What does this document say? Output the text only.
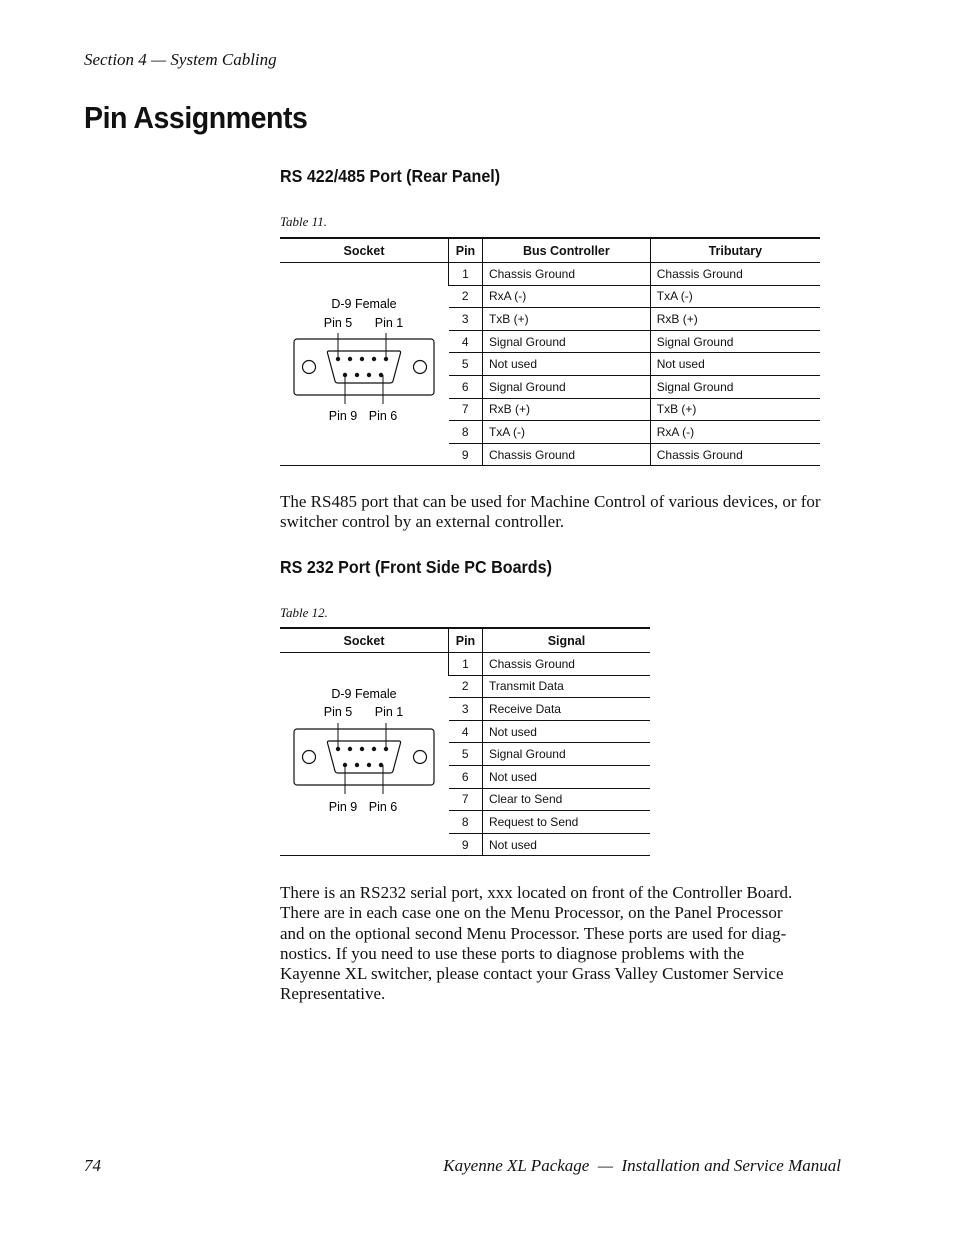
Section 4 — System Cabling
Pin Assignments
RS 422/485 Port (Rear Panel)
Table 11.
Socket	Pin	Bus Controller	Tributary

D-9 Female
Pin 5 Pin 1
Pin 9 Pin 6	1	Chassis Ground	Chassis Ground
	2	RxA (-)	TxA (-)
	3	TxB (+)	RxB (+)
	4	Signal Ground	Signal Ground
	5	Not used	Not used
	6	Signal Ground	Signal Ground
	7	RxB (+)	TxB (+)
	8	TxA (-)	RxA (-)
	9	Chassis Ground	Chassis Ground

The RS485 port that can be used for Machine Control of various devices, or for switcher control by an external controller.

RS 232 Port (Front Side PC Boards)
Table 12.
Socket	Pin	Signal

D-9 Female
Pin 5 Pin 1
Pin 9 Pin 6	1	Chassis Ground
	2	Transmit Data
	3	Receive Data
	4	Not used
	5	Signal Ground
	6	Not used
	7	Clear to Send
	8	Request to Send
	9	Not used
There is an RS232 serial port, xxx located on front of the Controller Board.
There are in each case one on the Menu Processor, on the Panel Processor
and on the optional second Menu Processor. These ports are used for diag-
nostics. If you need to use these ports to diagnose problems with the
Kayenne XL switcher, please contact your Grass Valley Customer Service
Representative.
74	Kayenne XL Package  —  Installation and Service Manual
